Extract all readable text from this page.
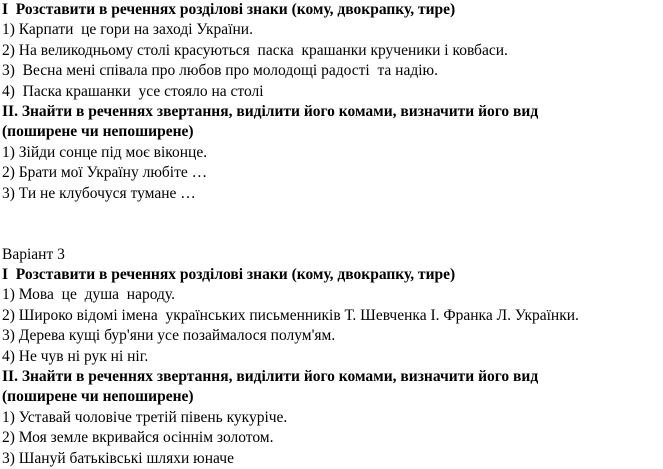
I  Розставити в реченнях розділові знаки (кому, двокрапку, тире)
1) Карпати  це гори на заході України.
2) На великодньому столі красуються  паска  крашанки крученики і ковбаси.
3)  Весна мені співала про любов про молодощі радості  та надію.
4)  Паска крашанки  усе стояло на столі
II. Знайти в реченнях звертання, виділити його комами, визначити його вид
(поширене чи непоширене)
1) Зійди сонце під моє віконце.
2) Брати мої Україну любіте …
3) Ти не клубочуся тумане …
Варіант 3
I  Розставити в реченнях розділові знаки (кому, двокрапку, тире)
1) Мова  це  душа  народу.
2) Широко відомі імена  українських письменників Т. Шевченка І. Франка Л. Українки.
3) Дерева кущі бур'яни усе позаймалося полум'ям.
4) Не чув ні рук ні ніг.
II. Знайти в реченнях звертання, виділити його комами, визначити його вид
(поширене чи непоширене)
1) Уставай чоловіче третій півень кукуріче.
2) Моя земле вкривайся осіннім золотом.
3) Шануй батьківські шляхи юначе
